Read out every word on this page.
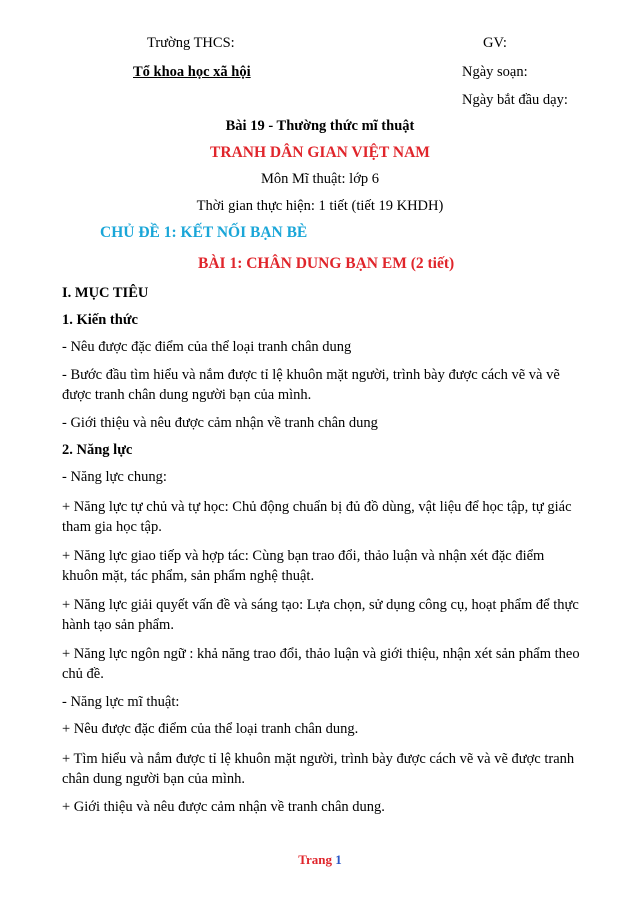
Trường THCS:	GV:
Tổ khoa học xã hội	Ngày soạn:
Ngày bắt đầu dạy:
Bài 19 - Thường thức mĩ thuật
TRANH DÂN GIAN VIỆT NAM
Môn Mĩ thuật: lớp 6
Thời gian thực hiện: 1 tiết (tiết 19 KHDH)
CHỦ ĐỀ 1: KẾT NỐI BẠN BÈ
BÀI 1: CHÂN DUNG BẠN EM (2 tiết)
I. MỤC TIÊU
1. Kiến thức
- Nêu được đặc điểm của thể loại tranh chân dung
- Bước đầu tìm hiểu và nắm được tỉ lệ khuôn mặt người, trình bày được cách vẽ và vẽ được tranh chân dung người bạn của mình.
- Giới thiệu và nêu được cảm nhận về tranh chân dung
2. Năng lực
- Năng lực chung:
+ Năng lực tự chủ và tự học: Chủ động chuẩn bị đủ đồ dùng, vật liệu để học tập, tự giác tham gia học tập.
+ Năng lực giao tiếp và hợp tác: Cùng bạn trao đổi, thảo luận và nhận xét đặc điểm khuôn mặt, tác phẩm, sản phẩm nghệ thuật.
+ Năng lực giải quyết vấn đề và sáng tạo: Lựa chọn, sử dụng công cụ, hoạt phẩm để thực hành tạo sản phẩm.
+ Năng lực ngôn ngữ : khả năng trao đổi, thảo luận và giới thiệu, nhận xét sản phẩm theo chủ đề.
- Năng lực mĩ thuật:
+ Nêu được đặc điểm của thể loại tranh chân dung.
+ Tìm hiểu và nắm được tỉ lệ khuôn mặt người, trình bày được cách vẽ và vẽ được tranh chân dung người bạn của mình.
+ Giới thiệu và nêu được cảm nhận về tranh chân dung.
Trang 1
